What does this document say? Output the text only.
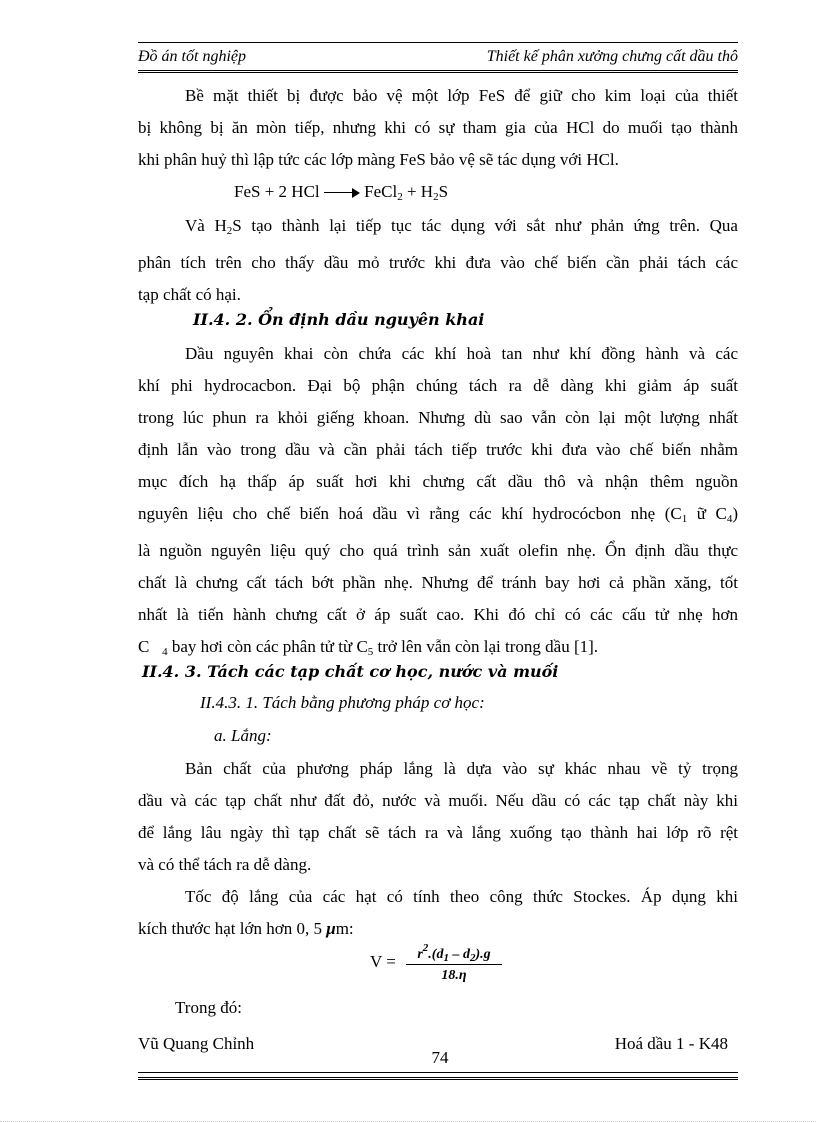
Đồ án tốt nghiệp	Thiết kế phân xưởng chưng cất dầu thô
Bề mặt thiết bị được bảo vệ một lớp FeS để giữ cho kim loại của thiết
bị không bị ăn mòn tiếp, nhưng khi có sự tham gia của HCl do muối tạo thành
khi phân huỷ thì lập tức các lớp màng FeS bảo vệ sẽ tác dụng với HCl.
FeS + 2 HCl	FeCl$_2$ + $H_2S$
Và $H_2S$ tạo thành lại tiếp tục tác dụng với sắt như phản ứng trên. Qua
phân tích trên cho thấy dầu mỏ trước khi đưa vào chế biến cần phải tách các
tạp chất có hại.
II.4. 2. Ổn định dầu nguyên khai
Dầu nguyên khai còn chứa các khí hoà tan như khí đồng hành và các
khí phi hydrocacbon. Đại bộ phận chúng tách ra dễ dàng khi giảm áp suất
trong lúc phun ra khỏi giếng khoan. Nhưng dù sao vẫn còn lại một lượng nhất
định lẫn vào trong dầu và cần phải tách tiếp trước khi đưa vào chế biến nhằm
mục đích hạ thấp áp suất hơi khi chưng cất dầu thô và nhận thêm nguồn
nguyên liệu cho chế biến hoá dầu vì rằng các khí hydrocócbon nhẹ ($C_1$ ữ $C_4$)
là nguồn nguyên liệu quý cho quá trình sản xuất olefin nhẹ. Ổn định dầu thực
chất là chưng cất tách bớt phần nhẹ. Nhưng để tránh bay hơi cả phần xăng, tốt
nhất là tiến hành chưng cất ở áp suất cao. Khi đó chỉ có các cấu tử nhẹ hơn
C   $_4$ bay hơi còn các phân tử từ $C_5$ trở lên vẫn còn lại trong dầu [1].
II.4. 3. Tách các tạp chất cơ học, nước và muối
II.4.3. 1. Tách bằng phương pháp cơ học:
a. Lắng:
Bản chất của phương pháp lắng là dựa vào sự khác nhau về tỷ trọng
dầu và các tạp chất như đất đỏ, nước và muối. Nếu dầu có các tạp chất này khi
để lắng lâu ngày thì tạp chất sẽ tách ra và lắng xuống tạo thành hai lớp rõ rệt
và có thể tách ra dễ dàng.
Tốc độ lắng của các hạt có tính theo công thức Stockes. Áp dụng khi
kích thước hạt lớn hơn 0, 5 μm:
V =	$r^2.(d_1 - d_2).g$
18.η
Trong đó:
Vũ Quang Chỉnh	Hoá dầu 1 - K48
74
